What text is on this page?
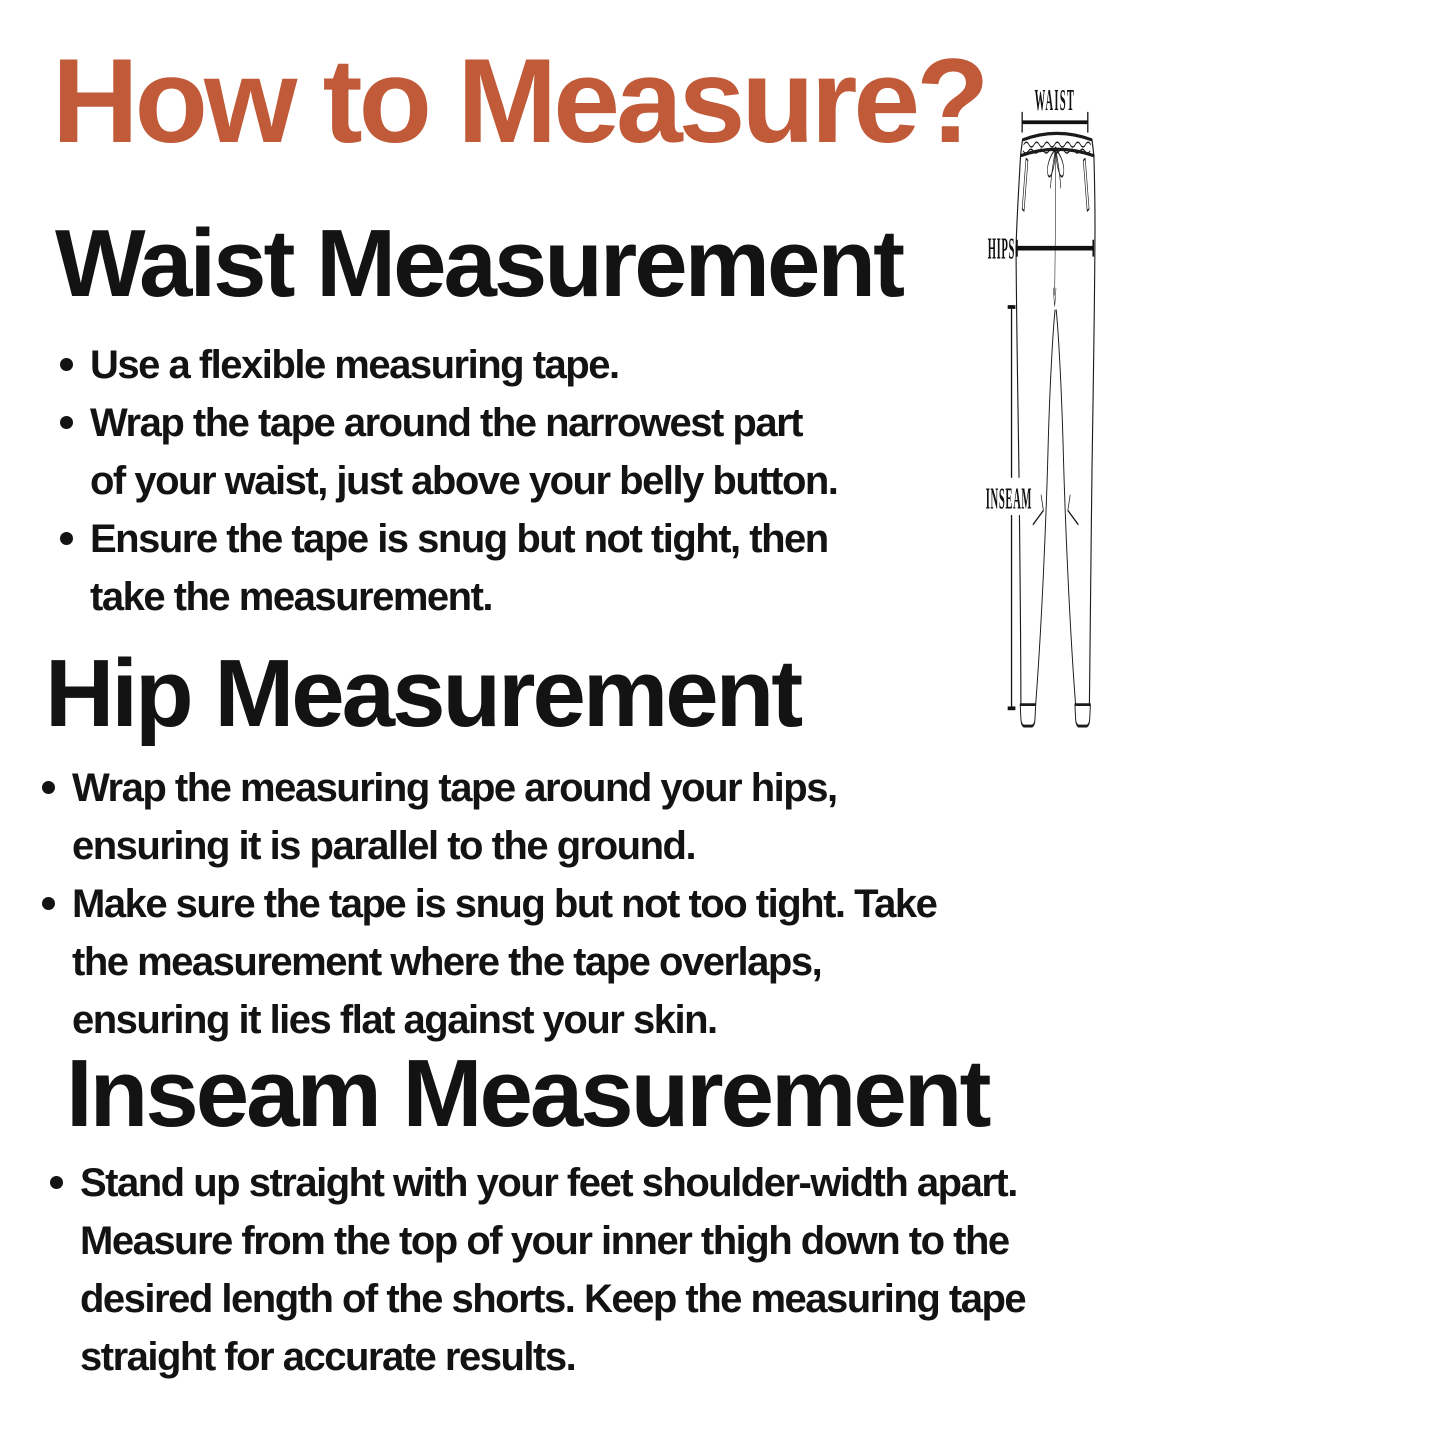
How to Measure?
Waist Measurement
Use a flexible measuring tape.
Wrap the tape around the narrowest part
of your waist, just above your belly button.
Ensure the tape is snug but not tight, then
take the measurement.
Hip Measurement
Wrap the measuring tape around your hips,
ensuring it is parallel to the ground.
Make sure the tape is snug but not too tight. Take
the measurement where the tape overlaps,
ensuring it lies flat against your skin.
Inseam Measurement
Stand up straight with your feet shoulder-width apart.
Measure from the top of your inner thigh down to the
desired length of the shorts. Keep the measuring tape
straight for accurate results.
WAIST
HIPS
INSEAM
